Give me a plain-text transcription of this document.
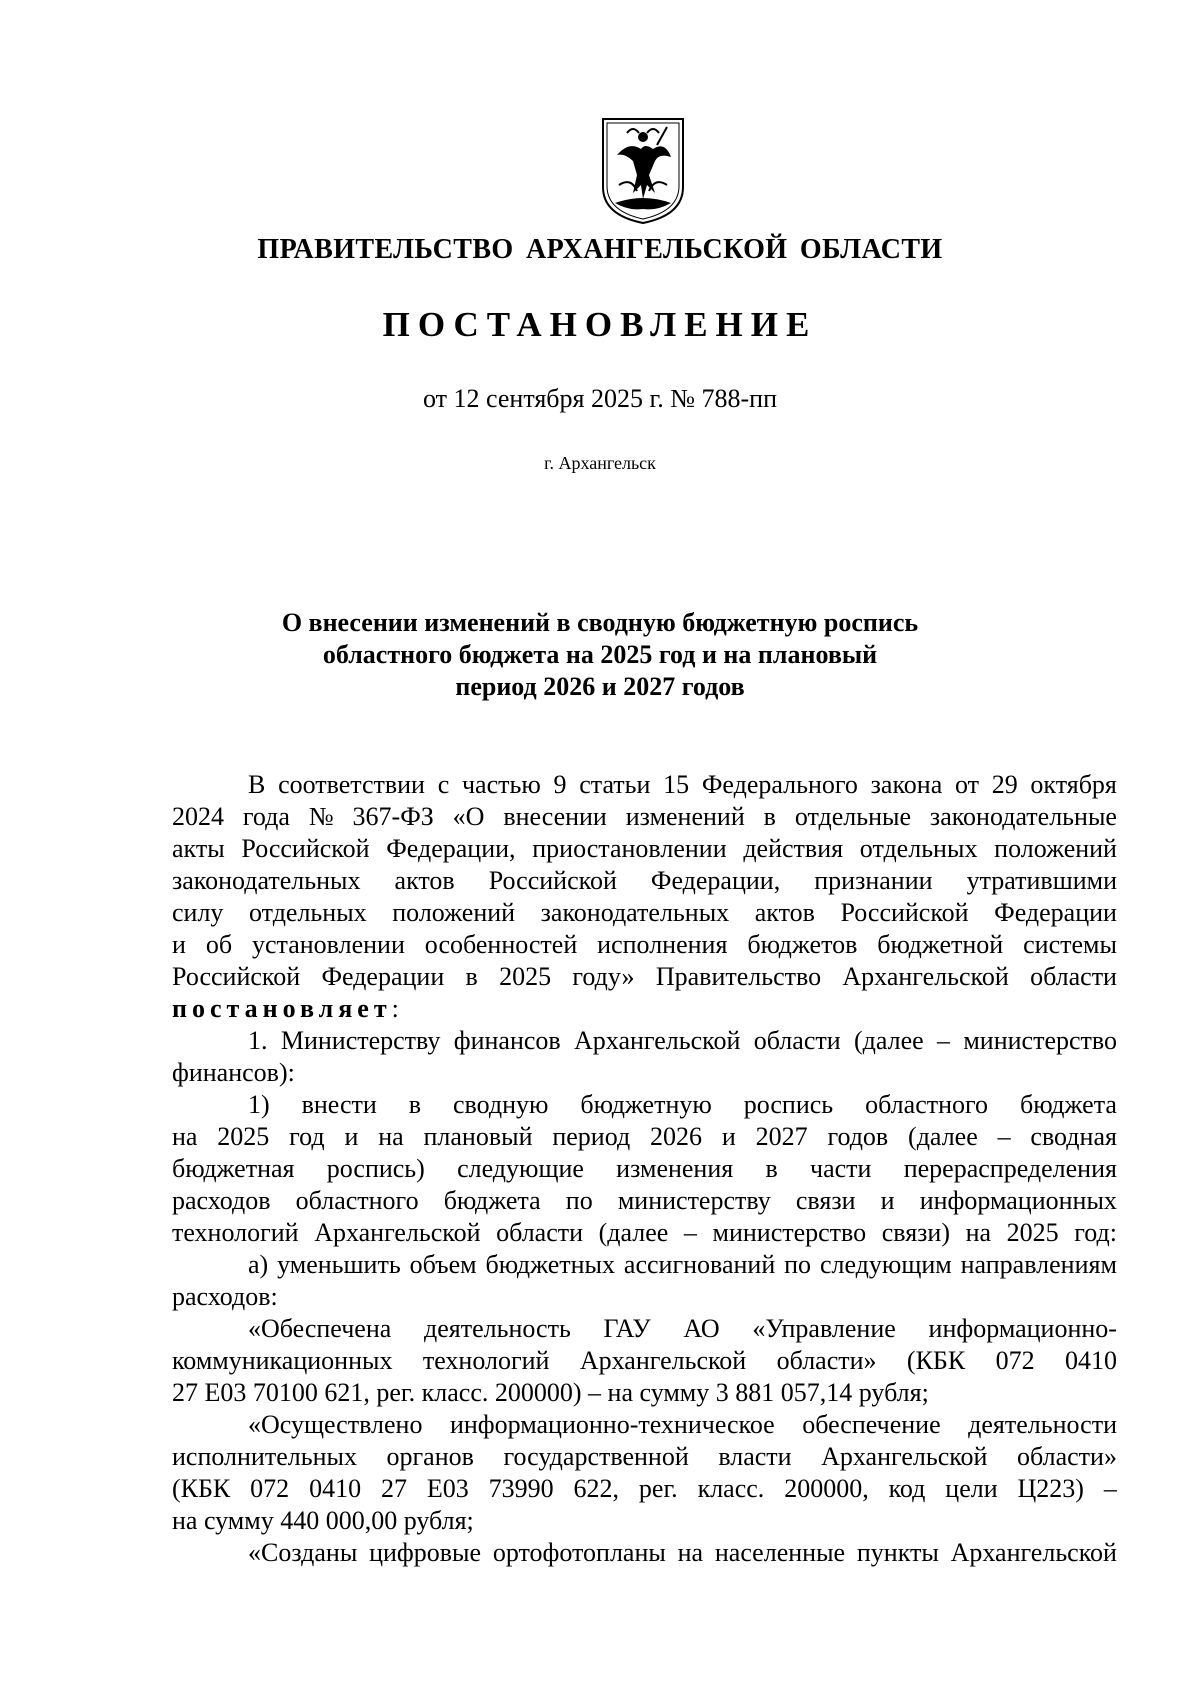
ПРАВИТЕЛЬСТВО АРХАНГЕЛЬСКОЙ ОБЛАСТИ
ПОСТАНОВЛЕНИЕ
от 12 сентября 2025 г. № 788-пп
г. Архангельск
О внесении изменений в сводную бюджетную роспись
областного бюджета на 2025 год и на плановый
период 2026 и 2027 годов
В соответствии с частью 9 статьи 15 Федерального закона от 29 октября
2024 года № 367-ФЗ «О внесении изменений в отдельные законодательные
акты Российской Федерации, приостановлении действия отдельных положений
законодательных актов Российской Федерации, признании утратившими
силу отдельных положений законодательных актов Российской Федерации
и об установлении особенностей исполнения бюджетов бюджетной системы
Российской Федерации в 2025 году» Правительство Архангельской области
постановляет:
1. Министерству финансов Архангельской области (далее – министерство
финансов):
1) внести в сводную бюджетную роспись областного бюджета
на 2025 год и на плановый период 2026 и 2027 годов (далее – сводная
бюджетная роспись) следующие изменения в части перераспределения
расходов областного бюджета по министерству связи и информационных
технологий Архангельской области (далее – министерство связи) на 2025 год:
а) уменьшить объем бюджетных ассигнований по следующим направлениям
расходов:
«Обеспечена деятельность ГАУ АО «Управление информационно-
коммуникационных технологий Архангельской области» (КБК 072 0410
27 Е03 70100 621, рег. класс. 200000) – на сумму 3 881 057,14 рубля;
«Осуществлено информационно-техническое обеспечение деятельности
исполнительных органов государственной власти Архангельской области»
(КБК 072 0410 27 Е03 73990 622, рег. класс. 200000, код цели Ц223) –
на сумму 440 000,00 рубля;
«Созданы цифровые ортофотопланы на населенные пункты Архангельской
